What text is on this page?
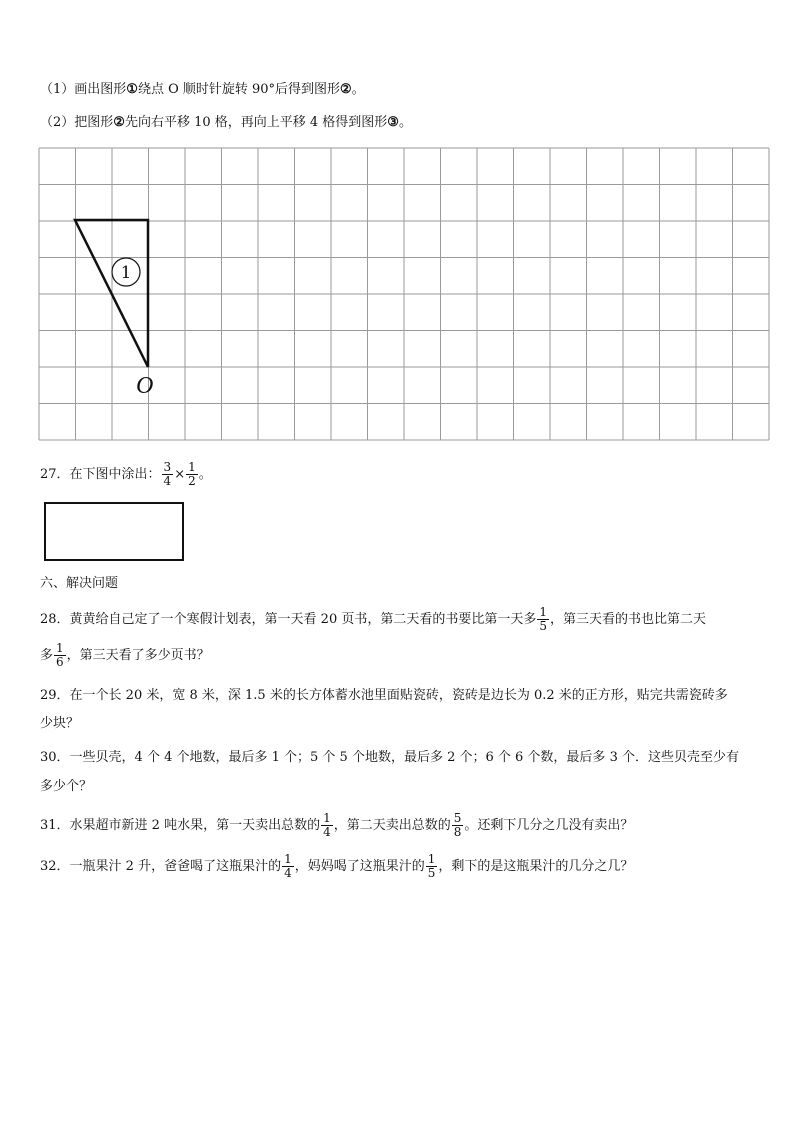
（1）画出图形①绕点 O 顺时针旋转 90°后得到图形②。
（2）把图形②先向右平移 10 格，再向上平移 4 格得到图形③。
1
O
27．在下图中涂出： $\frac{3}{4} \times \frac{1}{2}$ 。
六、解决问题
28．黄黄给自己定了一个寒假计划表，第一天看 20 页书，第二天看的书要比第一天多 $\frac{1}{5}$ ，第三天看的书也比第二天
多 $\frac{1}{6}$ ，第三天看了多少页书？
29．在一个长 20 米，宽 8 米，深 1.5 米的长方体蓄水池里面贴瓷砖，瓷砖是边长为 0.2 米的正方形，贴完共需瓷砖多
少块？
30．一些贝壳，4 个 4 个地数，最后多 1 个；5 个 5 个地数，最后多 2 个；6 个 6 个数，最后多 3 个．这些贝壳至少有
多少个？
31．水果超市新进 2 吨水果，第一天卖出总数的 $\frac{1}{4}$ ，第二天卖出总数的 $\frac{5}{8}$ 。还剩下几分之几没有卖出？
32．一瓶果汁 2 升，爸爸喝了这瓶果汁的 $\frac{1}{4}$ ，妈妈喝了这瓶果汁的 $\frac{1}{5}$ ，剩下的是这瓶果汁的几分之几？
